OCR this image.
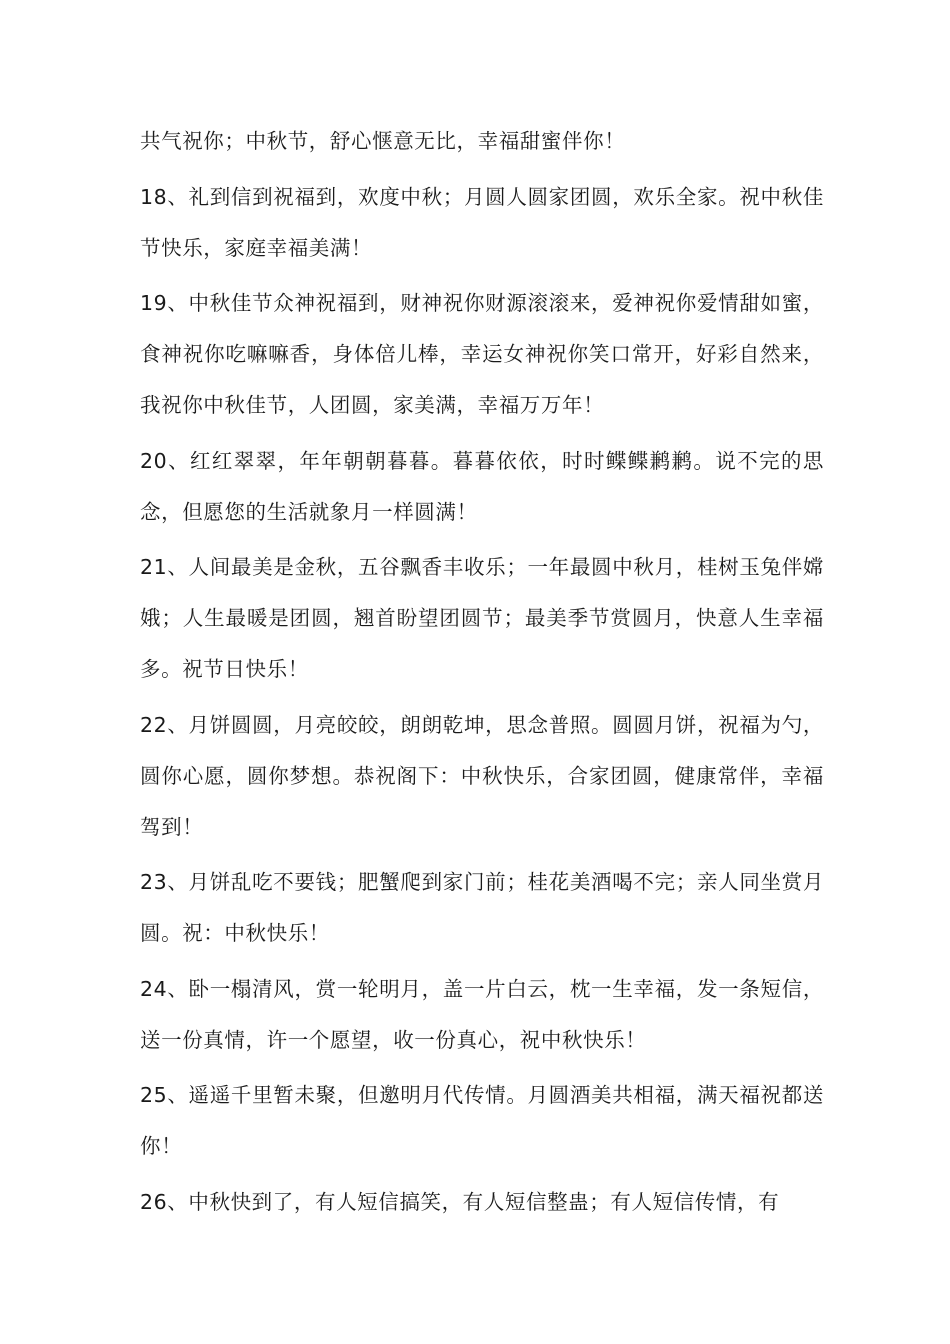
共气祝你；中秋节，舒心惬意无比，幸福甜蜜伴你！

18、礼到信到祝福到，欢度中秋；月圆人圆家团圆，欢乐全家。祝中秋佳节快乐，家庭幸福美满！

19、中秋佳节众神祝福到，财神祝你财源滚滚来，爱神祝你爱情甜如蜜，食神祝你吃嘛嘛香，身体倍儿棒，幸运女神祝你笑口常开，好彩自然来，我祝你中秋佳节，人团圆，家美满，幸福万万年！

20、红红翠翠，年年朝朝暮暮。暮暮依依，时时鲽鲽鹣鹣。说不完的思念，但愿您的生活就象月一样圆满！

21、人间最美是金秋，五谷飘香丰收乐；一年最圆中秋月，桂树玉兔伴嫦娥；人生最暖是团圆，翘首盼望团圆节；最美季节赏圆月，快意人生幸福多。祝节日快乐！

22、月饼圆圆，月亮皎皎，朗朗乾坤，思念普照。圆圆月饼，祝福为勺，圆你心愿，圆你梦想。恭祝阁下：中秋快乐，合家团圆，健康常伴，幸福驾到！

23、月饼乱吃不要钱；肥蟹爬到家门前；桂花美酒喝不完；亲人同坐赏月圆。祝：中秋快乐！

24、卧一榻清风，赏一轮明月，盖一片白云，枕一生幸福，发一条短信，送一份真情，许一个愿望，收一份真心，祝中秋快乐！

25、遥遥千里暂未聚，但邀明月代传情。月圆酒美共相福，满天福祝都送你！

26、中秋快到了，有人短信搞笑，有人短信整蛊；有人短信传情，有
